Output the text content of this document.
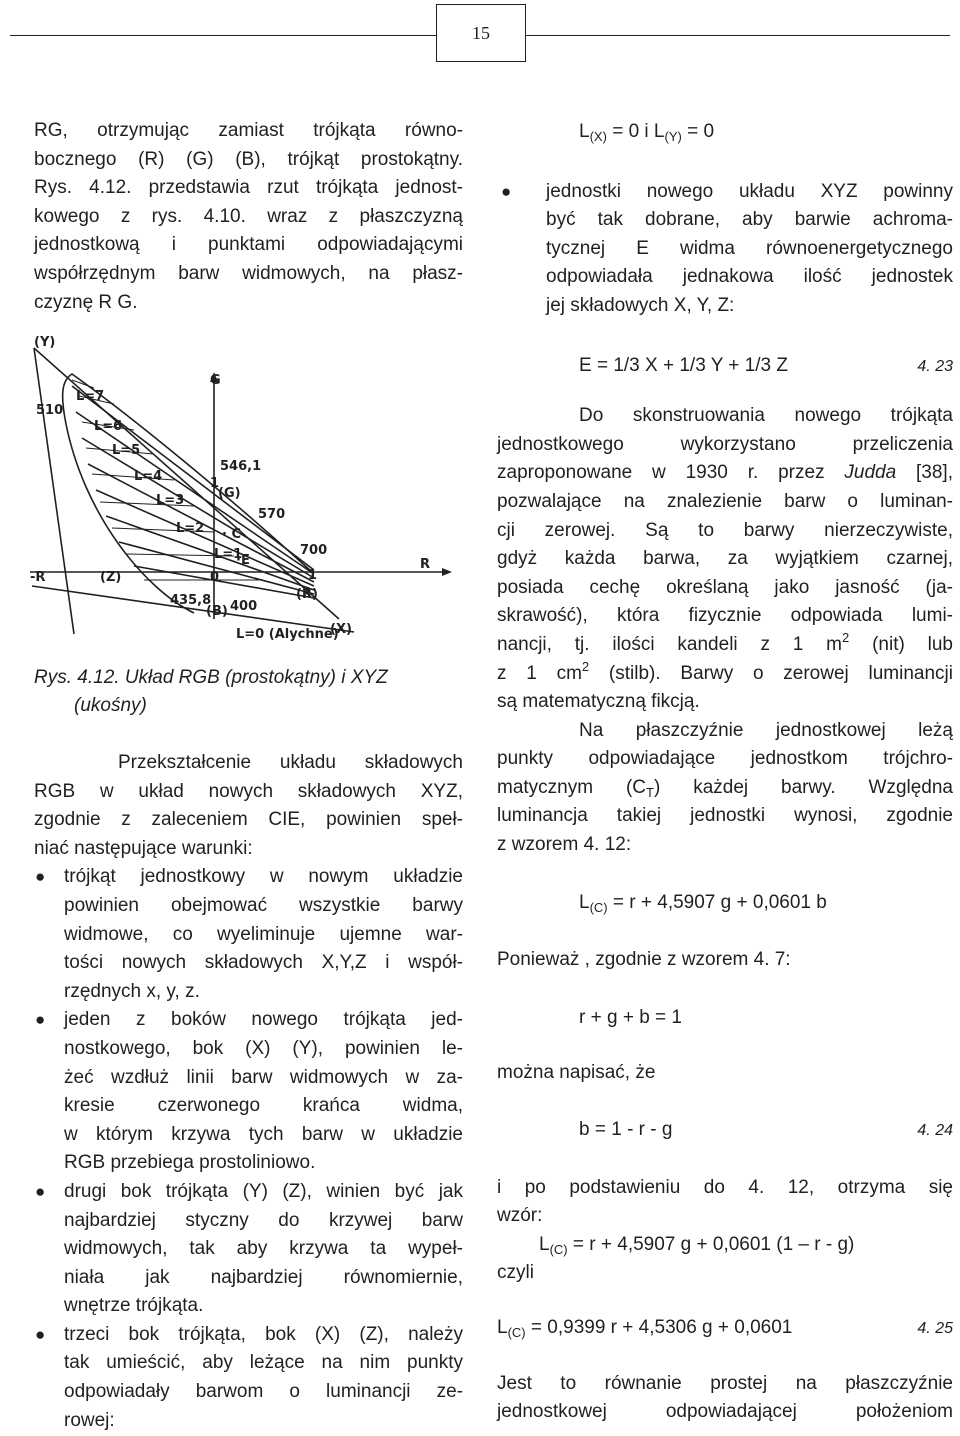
15

RG, otrzymując zamiast trójkąta równo-

bocznego (R) (G) (B), trójkąt prostokątny.

Rys. 4.12. przedstawia rzut trójkąta jednost-

kowego z rys. 4.10. wraz z płaszczyzną

jednostkową i punktami odpowiadającymi

współrzędnym barw widmowych, na płasz-

czyznę R G.

(Y)
G
-R
R
(Z)
(X)
(B)
(R)
(G)
0	1
1
· C
·E
510
546,1
570
700
435,8 400
L=7
L=6
L=5
L=4
L=3
L=2
L=1
L=0 (Alychne)
Rys. 4.12. Układ RGB (prostokątny) i XYZ
(ukośny)

Przekształcenie układu składowych

RGB w układ nowych składowych XYZ,

zgodnie z zaleceniem CIE, powinien speł-

niać następujące warunki:

● trójkąt jednostkowy w nowym układzie

powinien obejmować wszystkie barwy

widmowe, co wyeliminuje ujemne war-

tości nowych składowych X,Y,Z i współ-

rzędnych x, y, z.

● jeden z boków nowego trójkąta jed-

nostkowego, bok (X) (Y), powinien le-

żeć wzdłuż linii barw widmowych w za-

kresie czerwonego krańca widma,

w którym krzywa tych barw w układzie

RGB przebiega prostoliniowo.

● drugi bok trójkąta (Y) (Z), winien być jak

najbardziej styczny do krzywej barw

widmowych, tak aby krzywa ta wypeł-

niała jak najbardziej równomiernie,

wnętrze trójkąta.

● trzeci bok trójkąta, bok (X) (Z), należy

tak umieścić, aby leżące na nim punkty

odpowiadały barwom o luminancji ze-

rowej:

$L_{(X)} = 0$ i $L_{(Y)} = 0$

● jednostki nowego układu XYZ powinny

być tak dobrane, aby barwie achroma-

tycznej E widma równoenergetycznego

odpowiadała jednakowa ilość jednostek

jej składowych X, Y, Z:

E = 1/3 X + 1/3 Y + 1/3 Z	4. 23

Do skonstruowania nowego trójkąta

jednostkowego wykorzystano przeliczenia

zaproponowane w 1930 r. przez Judda [38],

pozwalające na znalezienie barw o luminan-

cji zerowej. Są to barwy nierzeczywiste,

gdyż każda barwa, za wyjątkiem czarnej,

posiada cechę określaną jako jasność (ja-

skrawość), która fizycznie odpowiada lumi-

nancji, tj. ilości kandeli z 1 $m^2$ (nit) lub

z 1 $cm^2$ (stilb). Barwy o zerowej luminancji

są matematyczną fikcją.

Na płaszczyźnie jednostkowej leżą

punkty odpowiadające jednostkom trójchro-

matycznym $(C_T)$ każdej barwy. Względna

luminancja takiej jednostki wynosi, zgodnie

z wzorem 4. 12:

$L_{(C)} = r + 4,5907$ g + 0,0601 b

Ponieważ , zgodnie z wzorem 4. 7:

r + g + b = 1

można napisać, że

b = 1 - r - g	4. 24

i po podstawieniu do 4. 12, otrzyma się

wzór:

$L_{(C)} = r + 4,5907$ g + 0,0601 (1 – r - g)

czyli

$L_{(C)} = 0,9399$ r + 4,5306 g + 0,0601	4. 25

Jest to równanie prostej na płaszczyźnie

jednostkowej odpowiadającej położeniom
